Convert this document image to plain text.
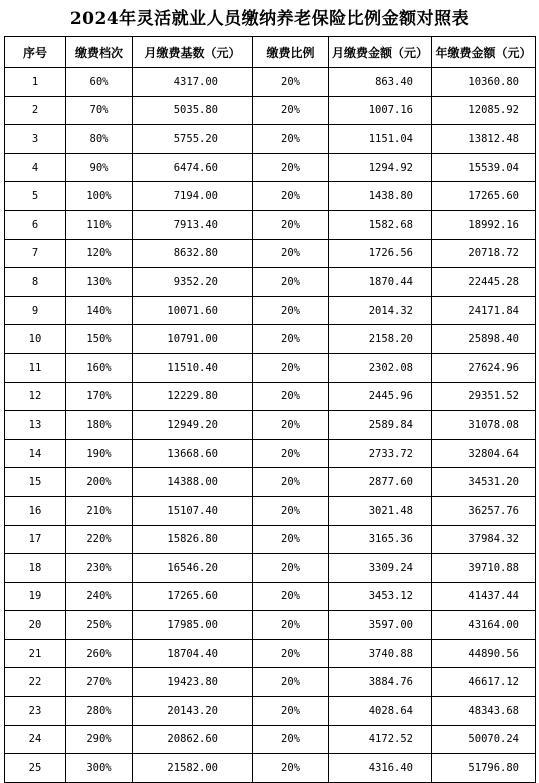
2024年灵活就业人员缴纳养老保险比例金额对照表
序号	缴费档次	月缴费基数（元）	缴费比例	月缴费金额（元）	年缴费金额（元）
1	60%	4317.00	20%	863.40	10360.80
2	70%	5035.80	20%	1007.16	12085.92
3	80%	5755.20	20%	1151.04	13812.48
4	90%	6474.60	20%	1294.92	15539.04
5	100%	7194.00	20%	1438.80	17265.60
6	110%	7913.40	20%	1582.68	18992.16
7	120%	8632.80	20%	1726.56	20718.72
8	130%	9352.20	20%	1870.44	22445.28
9	140%	10071.60	20%	2014.32	24171.84
10	150%	10791.00	20%	2158.20	25898.40
11	160%	11510.40	20%	2302.08	27624.96
12	170%	12229.80	20%	2445.96	29351.52
13	180%	12949.20	20%	2589.84	31078.08
14	190%	13668.60	20%	2733.72	32804.64
15	200%	14388.00	20%	2877.60	34531.20
16	210%	15107.40	20%	3021.48	36257.76
17	220%	15826.80	20%	3165.36	37984.32
18	230%	16546.20	20%	3309.24	39710.88
19	240%	17265.60	20%	3453.12	41437.44
20	250%	17985.00	20%	3597.00	43164.00
21	260%	18704.40	20%	3740.88	44890.56
22	270%	19423.80	20%	3884.76	46617.12
23	280%	20143.20	20%	4028.64	48343.68
24	290%	20862.60	20%	4172.52	50070.24
25	300%	21582.00	20%	4316.40	51796.80
